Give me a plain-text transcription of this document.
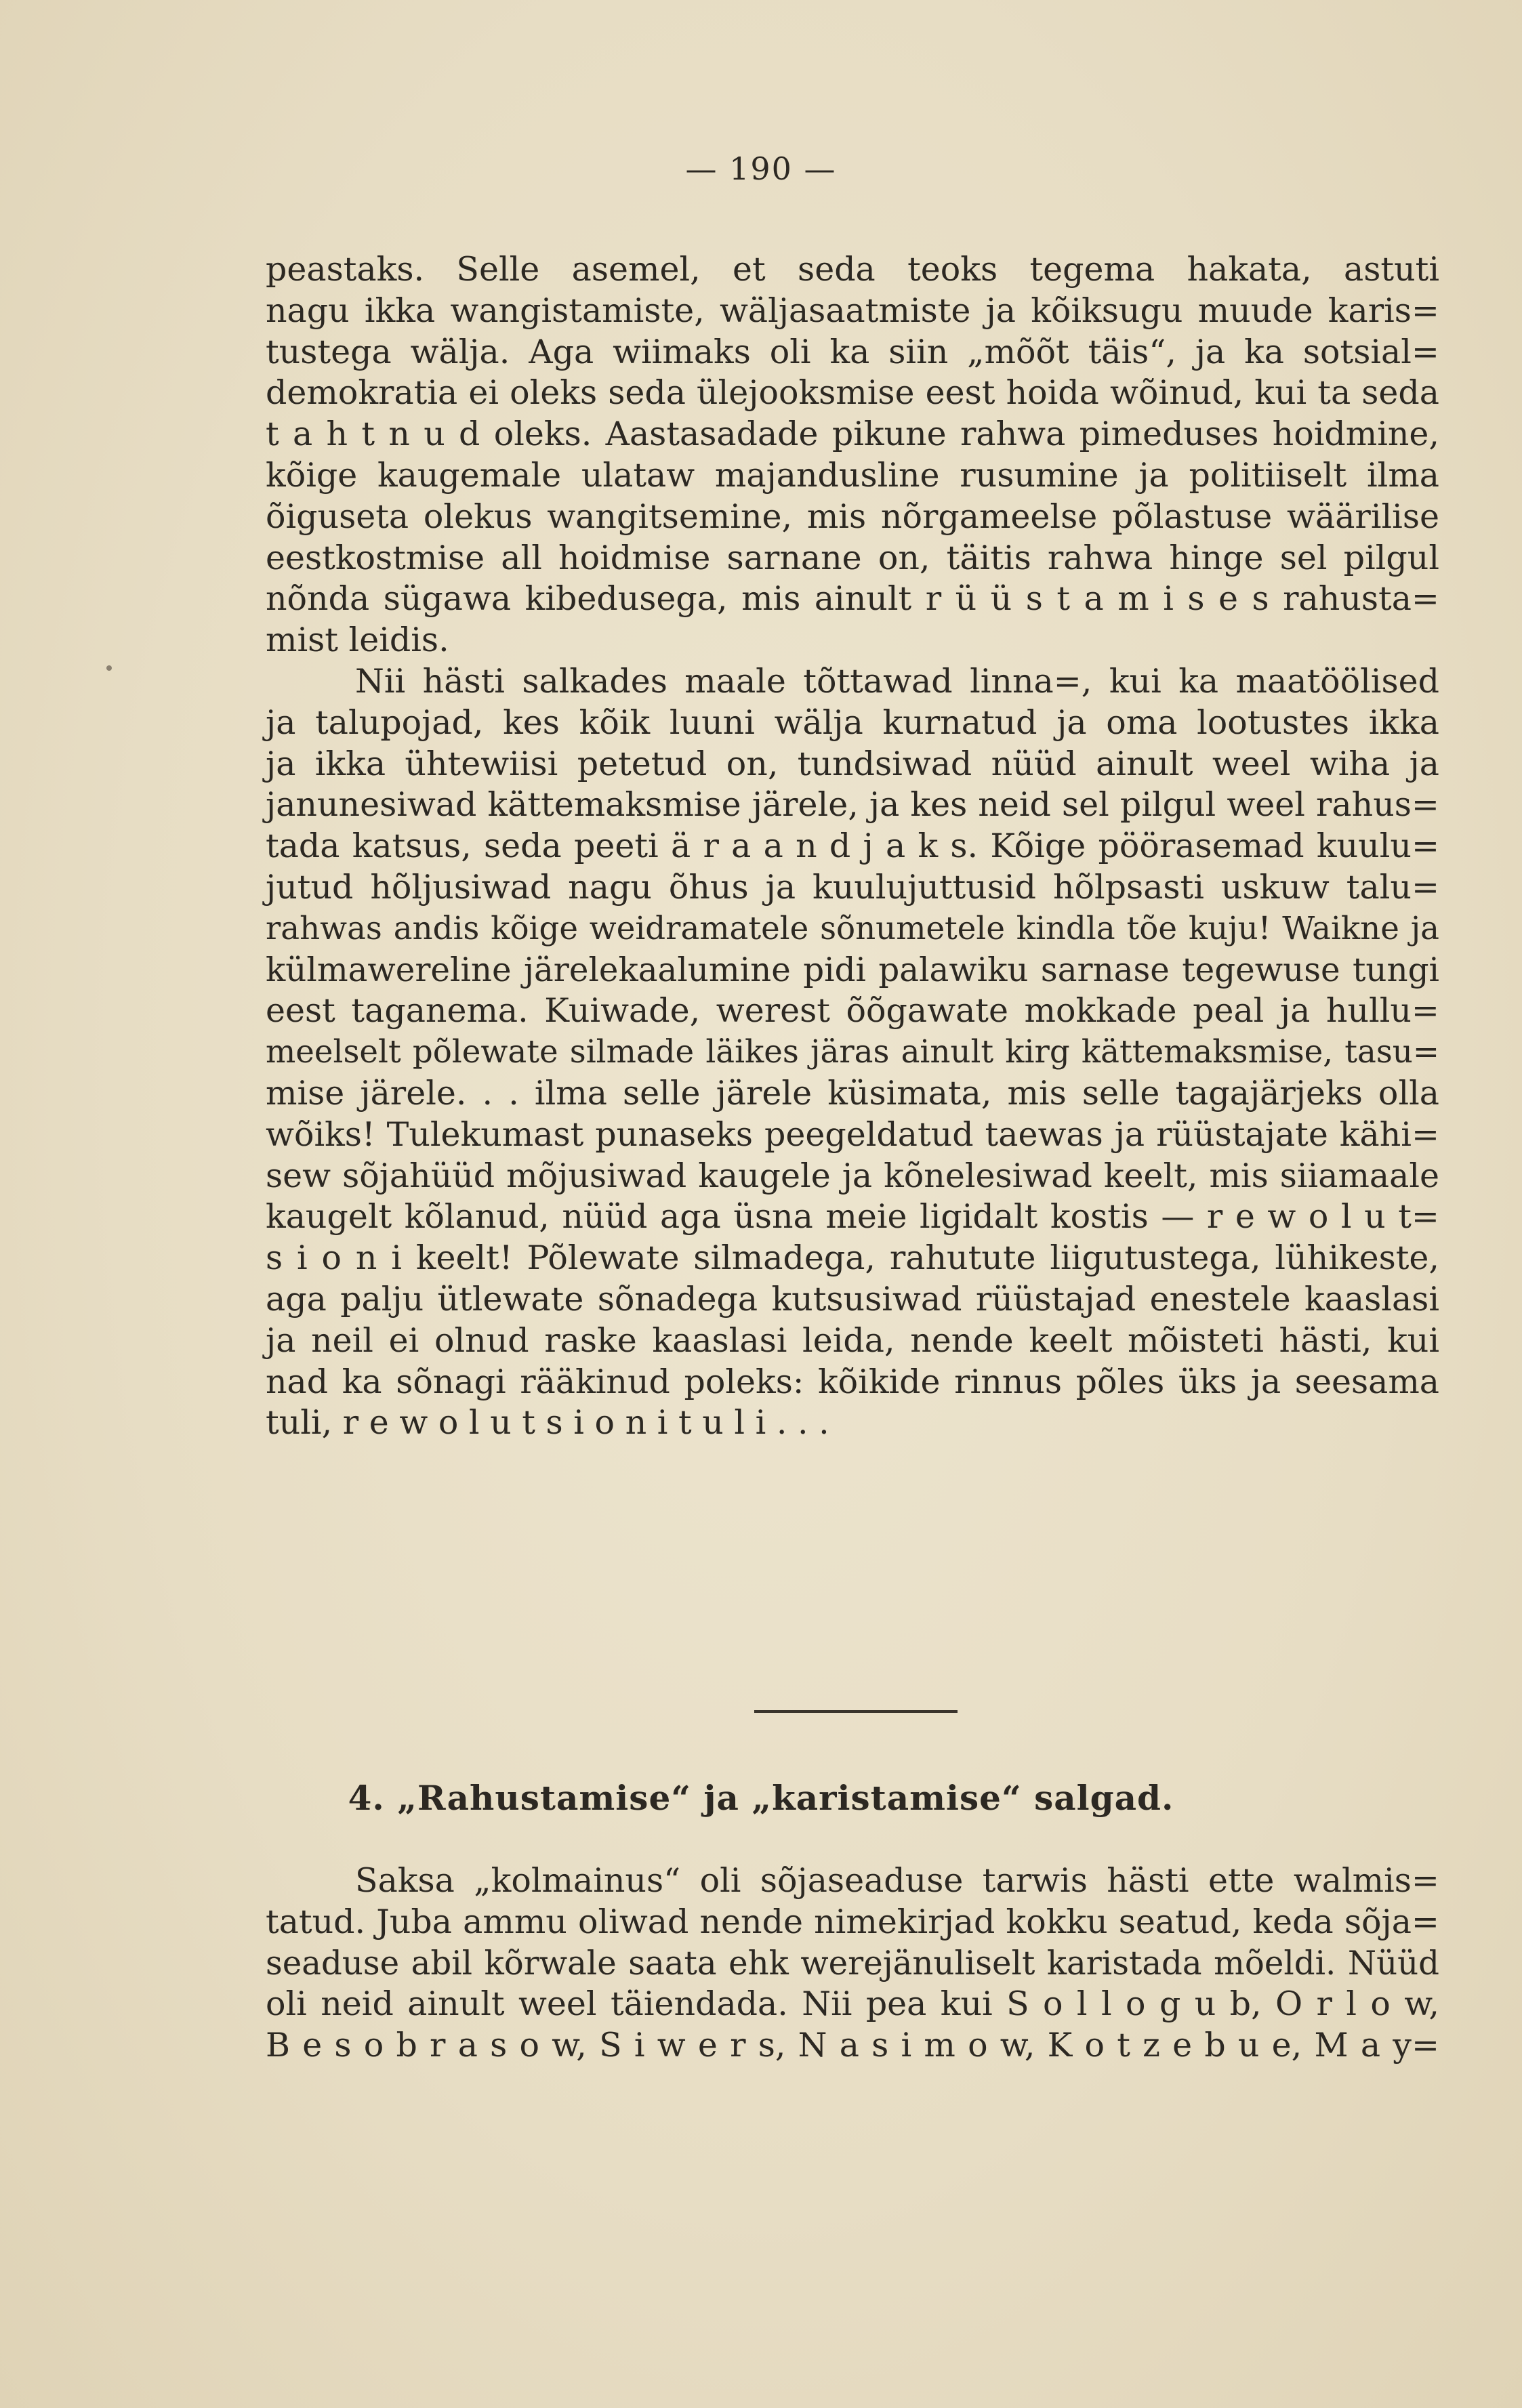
— 190 —
peastaks. Selle asemel, et seda teoks tegema hakata, astuti
nagu ikka wangistamiste, wäljasaatmiste ja kõiksugu muude karis=
tustega wälja. Aga wiimaks oli ka siin „mõõt täis“, ja ka sotsial=
demokratia ei oleks seda ülejooksmise eest hoida wõinud, kui ta seda
t a h t n u d oleks. Aastasadade pikune rahwa pimeduses hoidmine,
kõige kaugemale ulataw majandusline rusumine ja politiiselt ilma
õiguseta olekus wangitsemine, mis nõrgameelse põlastuse wäärilise
eestkostmise all hoidmise sarnane on, täitis rahwa hinge sel pilgul
nõnda sügawa kibedusega, mis ainult r ü ü s t a m i s e s rahusta=
mist leidis.
Nii hästi salkades maale tõttawad linna=, kui ka maatöölised
ja talupojad, kes kõik luuni wälja kurnatud ja oma lootustes ikka
ja ikka ühtewiisi petetud on, tundsiwad nüüd ainult weel wiha ja
janunesiwad kättemaksmise järele, ja kes neid sel pilgul weel rahus=
tada katsus, seda peeti ä r a a n d j a k s. Kõige pöörasemad kuulu=
jutud hõljusiwad nagu õhus ja kuulujuttusid hõlpsasti uskuw talu=
rahwas andis kõige weidramatele sõnumetele kindla tõe kuju! Waikne ja
külmawereline järelekaalumine pidi palawiku sarnase tegewuse tungi
eest taganema. Kuiwade, werest õõgawate mokkade peal ja hullu=
meelselt põlewate silmade läikes järas ainult kirg kättemaksmise, tasu=
mise järele. . . ilma selle järele küsimata, mis selle tagajärjeks olla
wõiks! Tulekumast punaseks peegeldatud taewas ja rüüstajate kähi=
sew sõjahüüd mõjusiwad kaugele ja kõnelesiwad keelt, mis siiamaale
kaugelt kõlanud, nüüd aga üsna meie ligidalt kostis — r e w o l u t=
s i o n i keelt! Põlewate silmadega, rahutute liigutustega, lühikeste,
aga palju ütlewate sõnadega kutsusiwad rüüstajad enestele kaaslasi
ja neil ei olnud raske kaaslasi leida, nende keelt mõisteti hästi, kui
nad ka sõnagi rääkinud poleks: kõikide rinnus põles üks ja seesama
tuli, r e w o l u t s i o n i t u l i . . .
4. „Rahustamise“ ja „karistamise“ salgad.
Saksa „kolmainus“ oli sõjaseaduse tarwis hästi ette walmis=
tatud. Juba ammu oliwad nende nimekirjad kokku seatud, keda sõja=
seaduse abil kõrwale saata ehk werejänuliselt karistada mõeldi. Nüüd
oli neid ainult weel täiendada. Nii pea kui S o l l o g u b, O r l o w,
B e s o b r a s o w, S i w e r s, N a s i m o w, K o t z e b u e, M a y=
